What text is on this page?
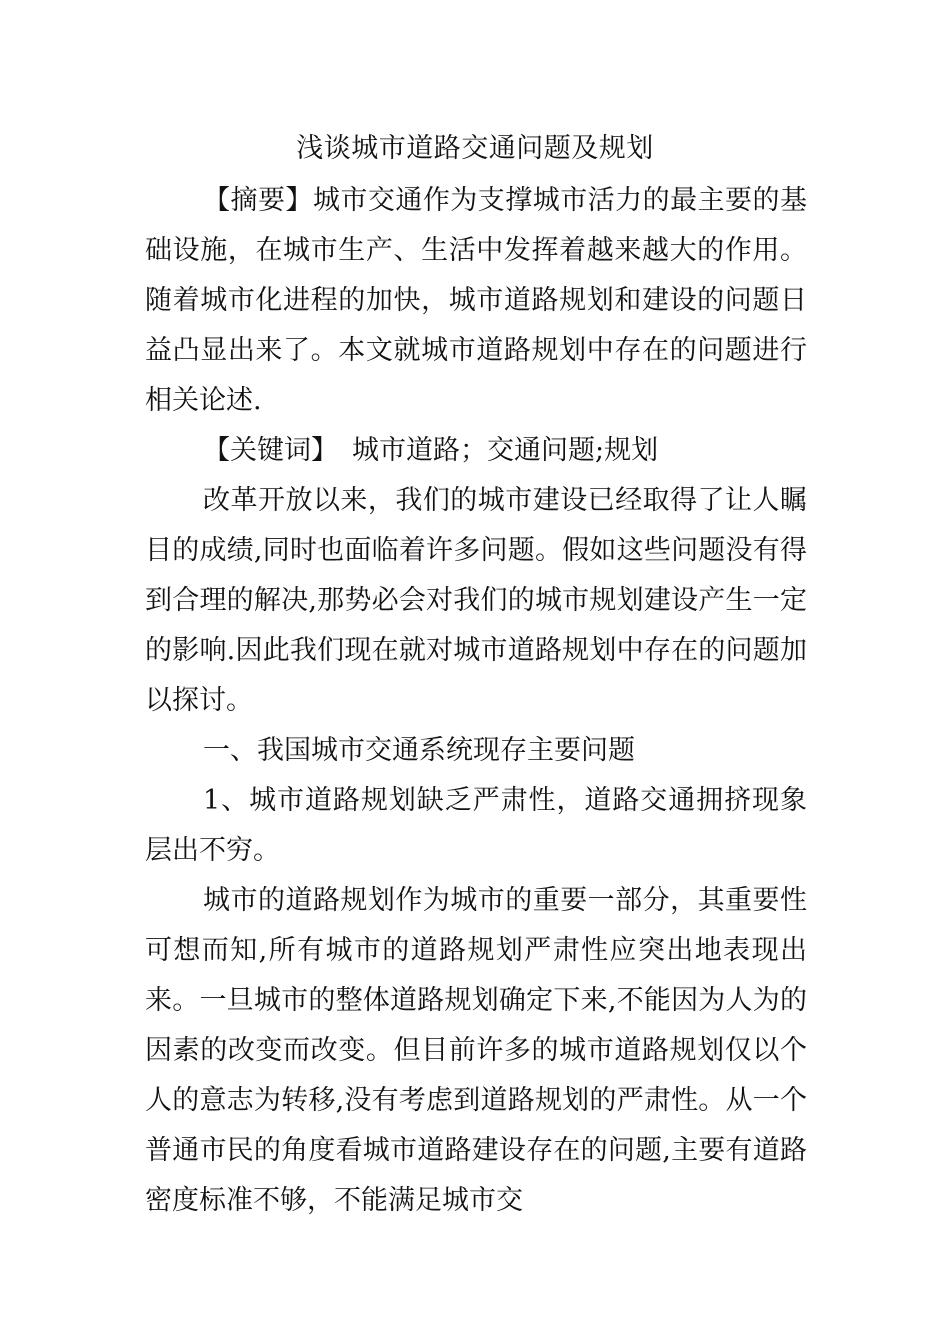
浅谈城市道路交通问题及规划

【摘要】城市交通作为支撑城市活力的最主要的基础设施，在城市生产、生活中发挥着越来越大的作用。随着城市化进程的加快，城市道路规划和建设的问题日益凸显出来了。本文就城市道路规划中存在的问题进行相关论述.

【关键词】 城市道路；交通问题;规划

改革开放以来，我们的城市建设已经取得了让人瞩目的成绩,同时也面临着许多问题。假如这些问题没有得到合理的解决,那势必会对我们的城市规划建设产生一定的影响.因此我们现在就对城市道路规划中存在的问题加以探讨。

一、我国城市交通系统现存主要问题

1、城市道路规划缺乏严肃性，道路交通拥挤现象层出不穷。

城市的道路规划作为城市的重要一部分，其重要性可想而知,所有城市的道路规划严肃性应突出地表现出来。一旦城市的整体道路规划确定下来,不能因为人为的因素的改变而改变。但目前许多的城市道路规划仅以个人的意志为转移,没有考虑到道路规划的严肃性。从一个普通市民的角度看城市道路建设存在的问题,主要有道路密度标准不够，不能满足城市交
